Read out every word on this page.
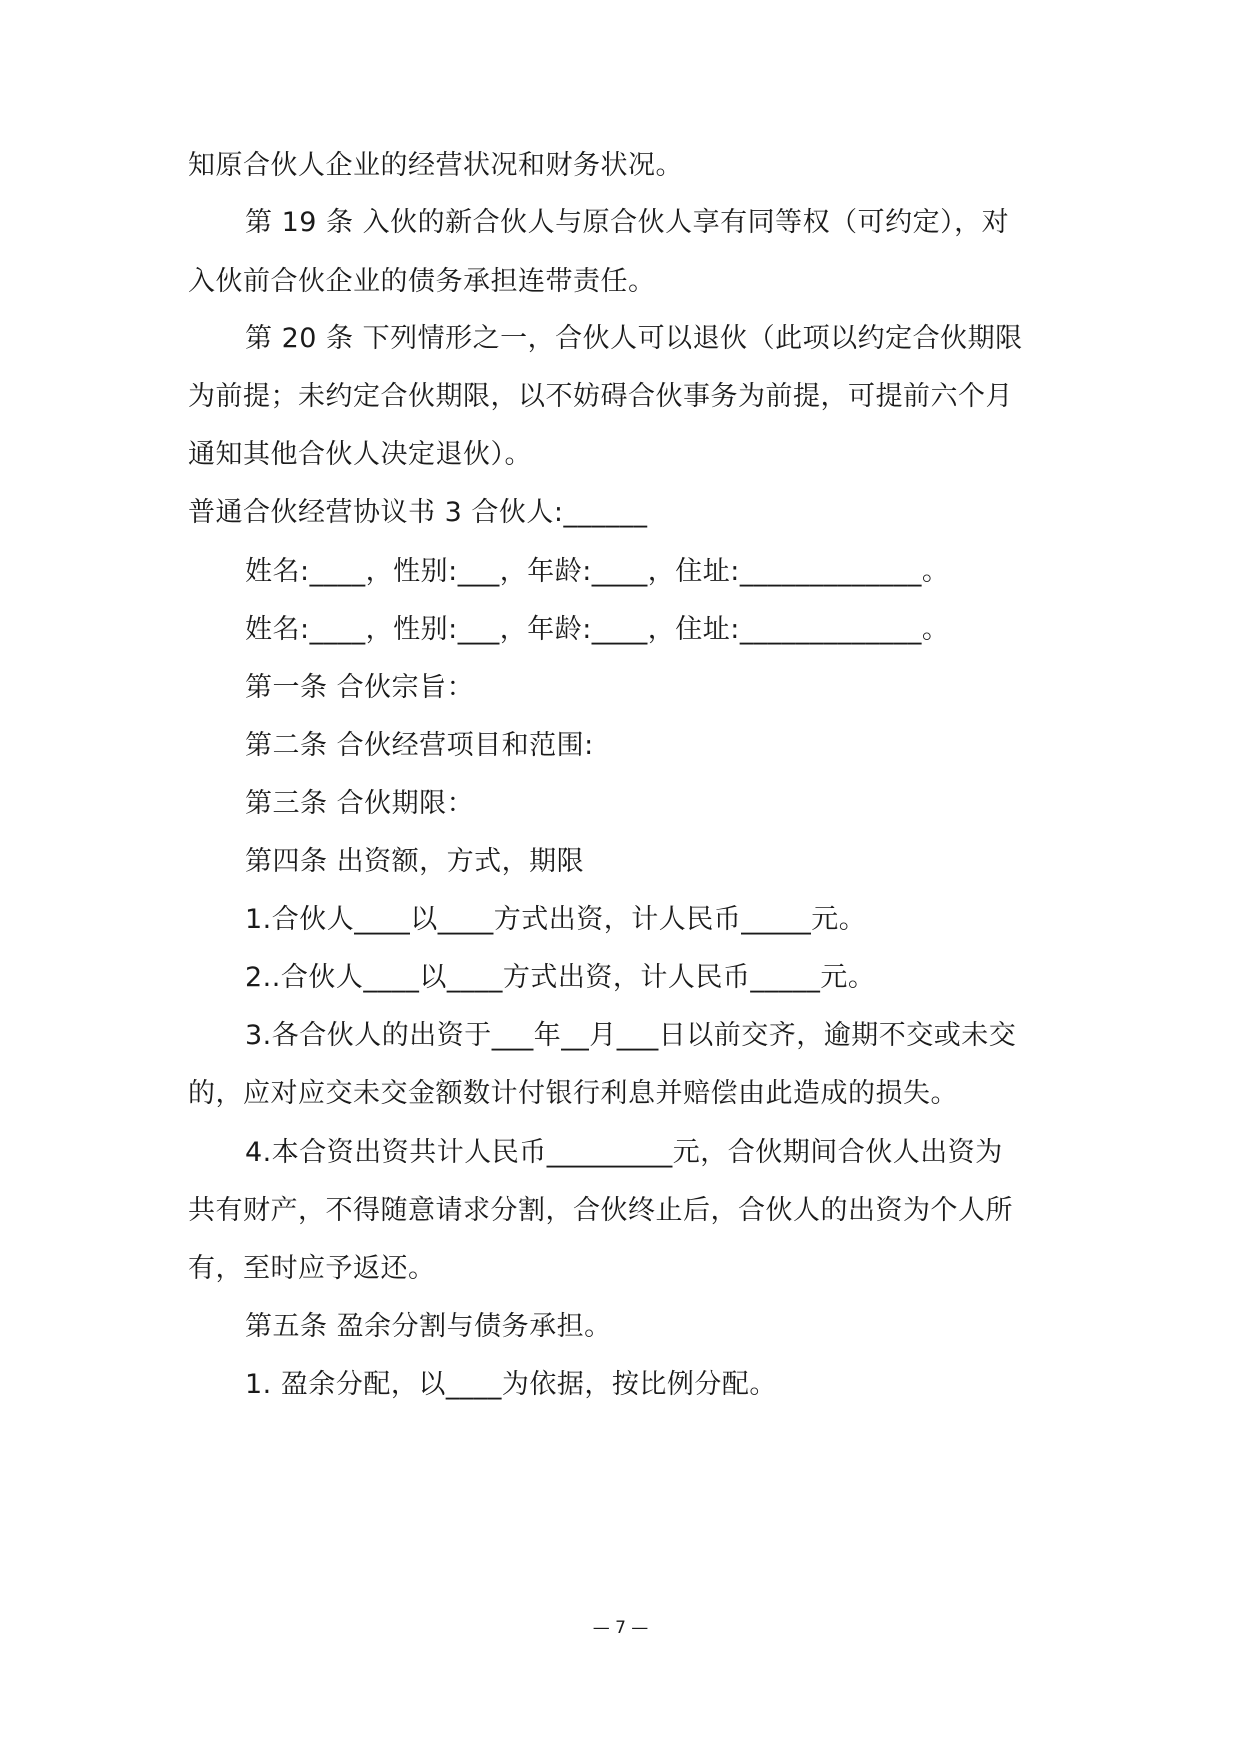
知原合伙人企业的经营状况和财务状况。
第 19 条 入伙的新合伙人与原合伙人享有同等权（可约定），对
入伙前合伙企业的债务承担连带责任。
第 20 条 下列情形之一，合伙人可以退伙（此项以约定合伙期限
为前提；未约定合伙期限，以不妨碍合伙事务为前提，可提前六个月
通知其他合伙人决定退伙）。
普通合伙经营协议书 3 合伙人:______
姓名:____，性别:___，年龄:____，住址:_____________。
姓名:____，性别:___，年龄:____，住址:_____________。
第一条 合伙宗旨：
第二条 合伙经营项目和范围:
第三条 合伙期限：
第四条 出资额，方式，期限
1.合伙人____以____方式出资，计人民币_____元。
2..合伙人____以____方式出资，计人民币_____元。
3.各合伙人的出资于___年__月___日以前交齐，逾期不交或未交
的，应对应交未交金额数计付银行利息并赔偿由此造成的损失。
4.本合资出资共计人民币_________元，合伙期间合伙人出资为
共有财产，不得随意请求分割，合伙终止后，合伙人的出资为个人所
有，至时应予返还。
第五条 盈余分割与债务承担。
1. 盈余分配，以____为依据，按比例分配。
— 7 —
